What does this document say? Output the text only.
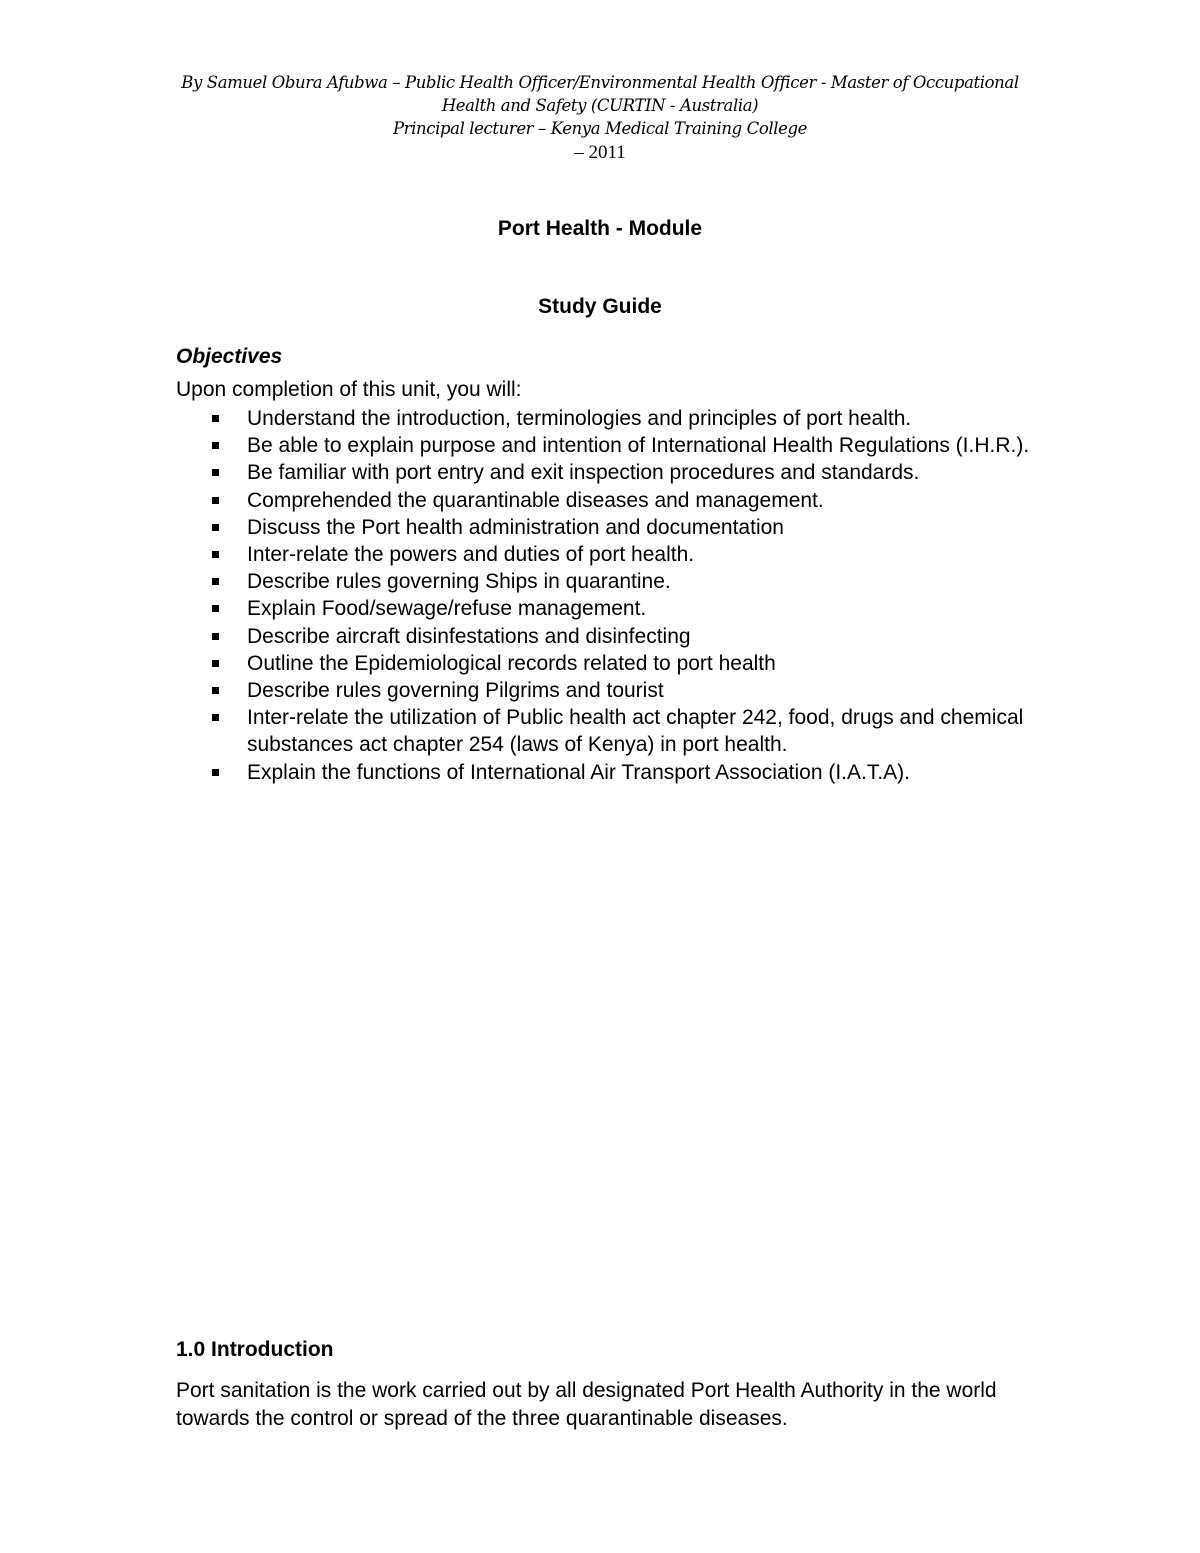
By Samuel Obura Afubwa – Public Health Officer/Environmental Health Officer - Master of Occupational
Health and Safety (CURTIN - Australia)
Principal lecturer – Kenya Medical Training College
– 2011
Port Health - Module
Study Guide
Objectives
Upon completion of this unit, you will:
Understand the introduction, terminologies and principles of port health.
Be able to explain purpose and intention of International Health Regulations (I.H.R.).
Be familiar with port entry and exit inspection procedures and standards.
Comprehended the quarantinable diseases and management.
Discuss the Port health administration and documentation
Inter-relate the powers and duties of port health.
Describe rules governing Ships in quarantine.
Explain Food/sewage/refuse management.
Describe aircraft disinfestations and disinfecting
Outline the Epidemiological records related to port health
Describe rules governing Pilgrims and tourist
Inter-relate the utilization of Public health act chapter 242, food, drugs and chemical substances act chapter 254 (laws of Kenya) in port health.
Explain the functions of International Air Transport Association (I.A.T.A).
1.0 Introduction

Port sanitation is the work carried out by all designated Port Health Authority in the world towards the control or spread of the three quarantinable diseases.
